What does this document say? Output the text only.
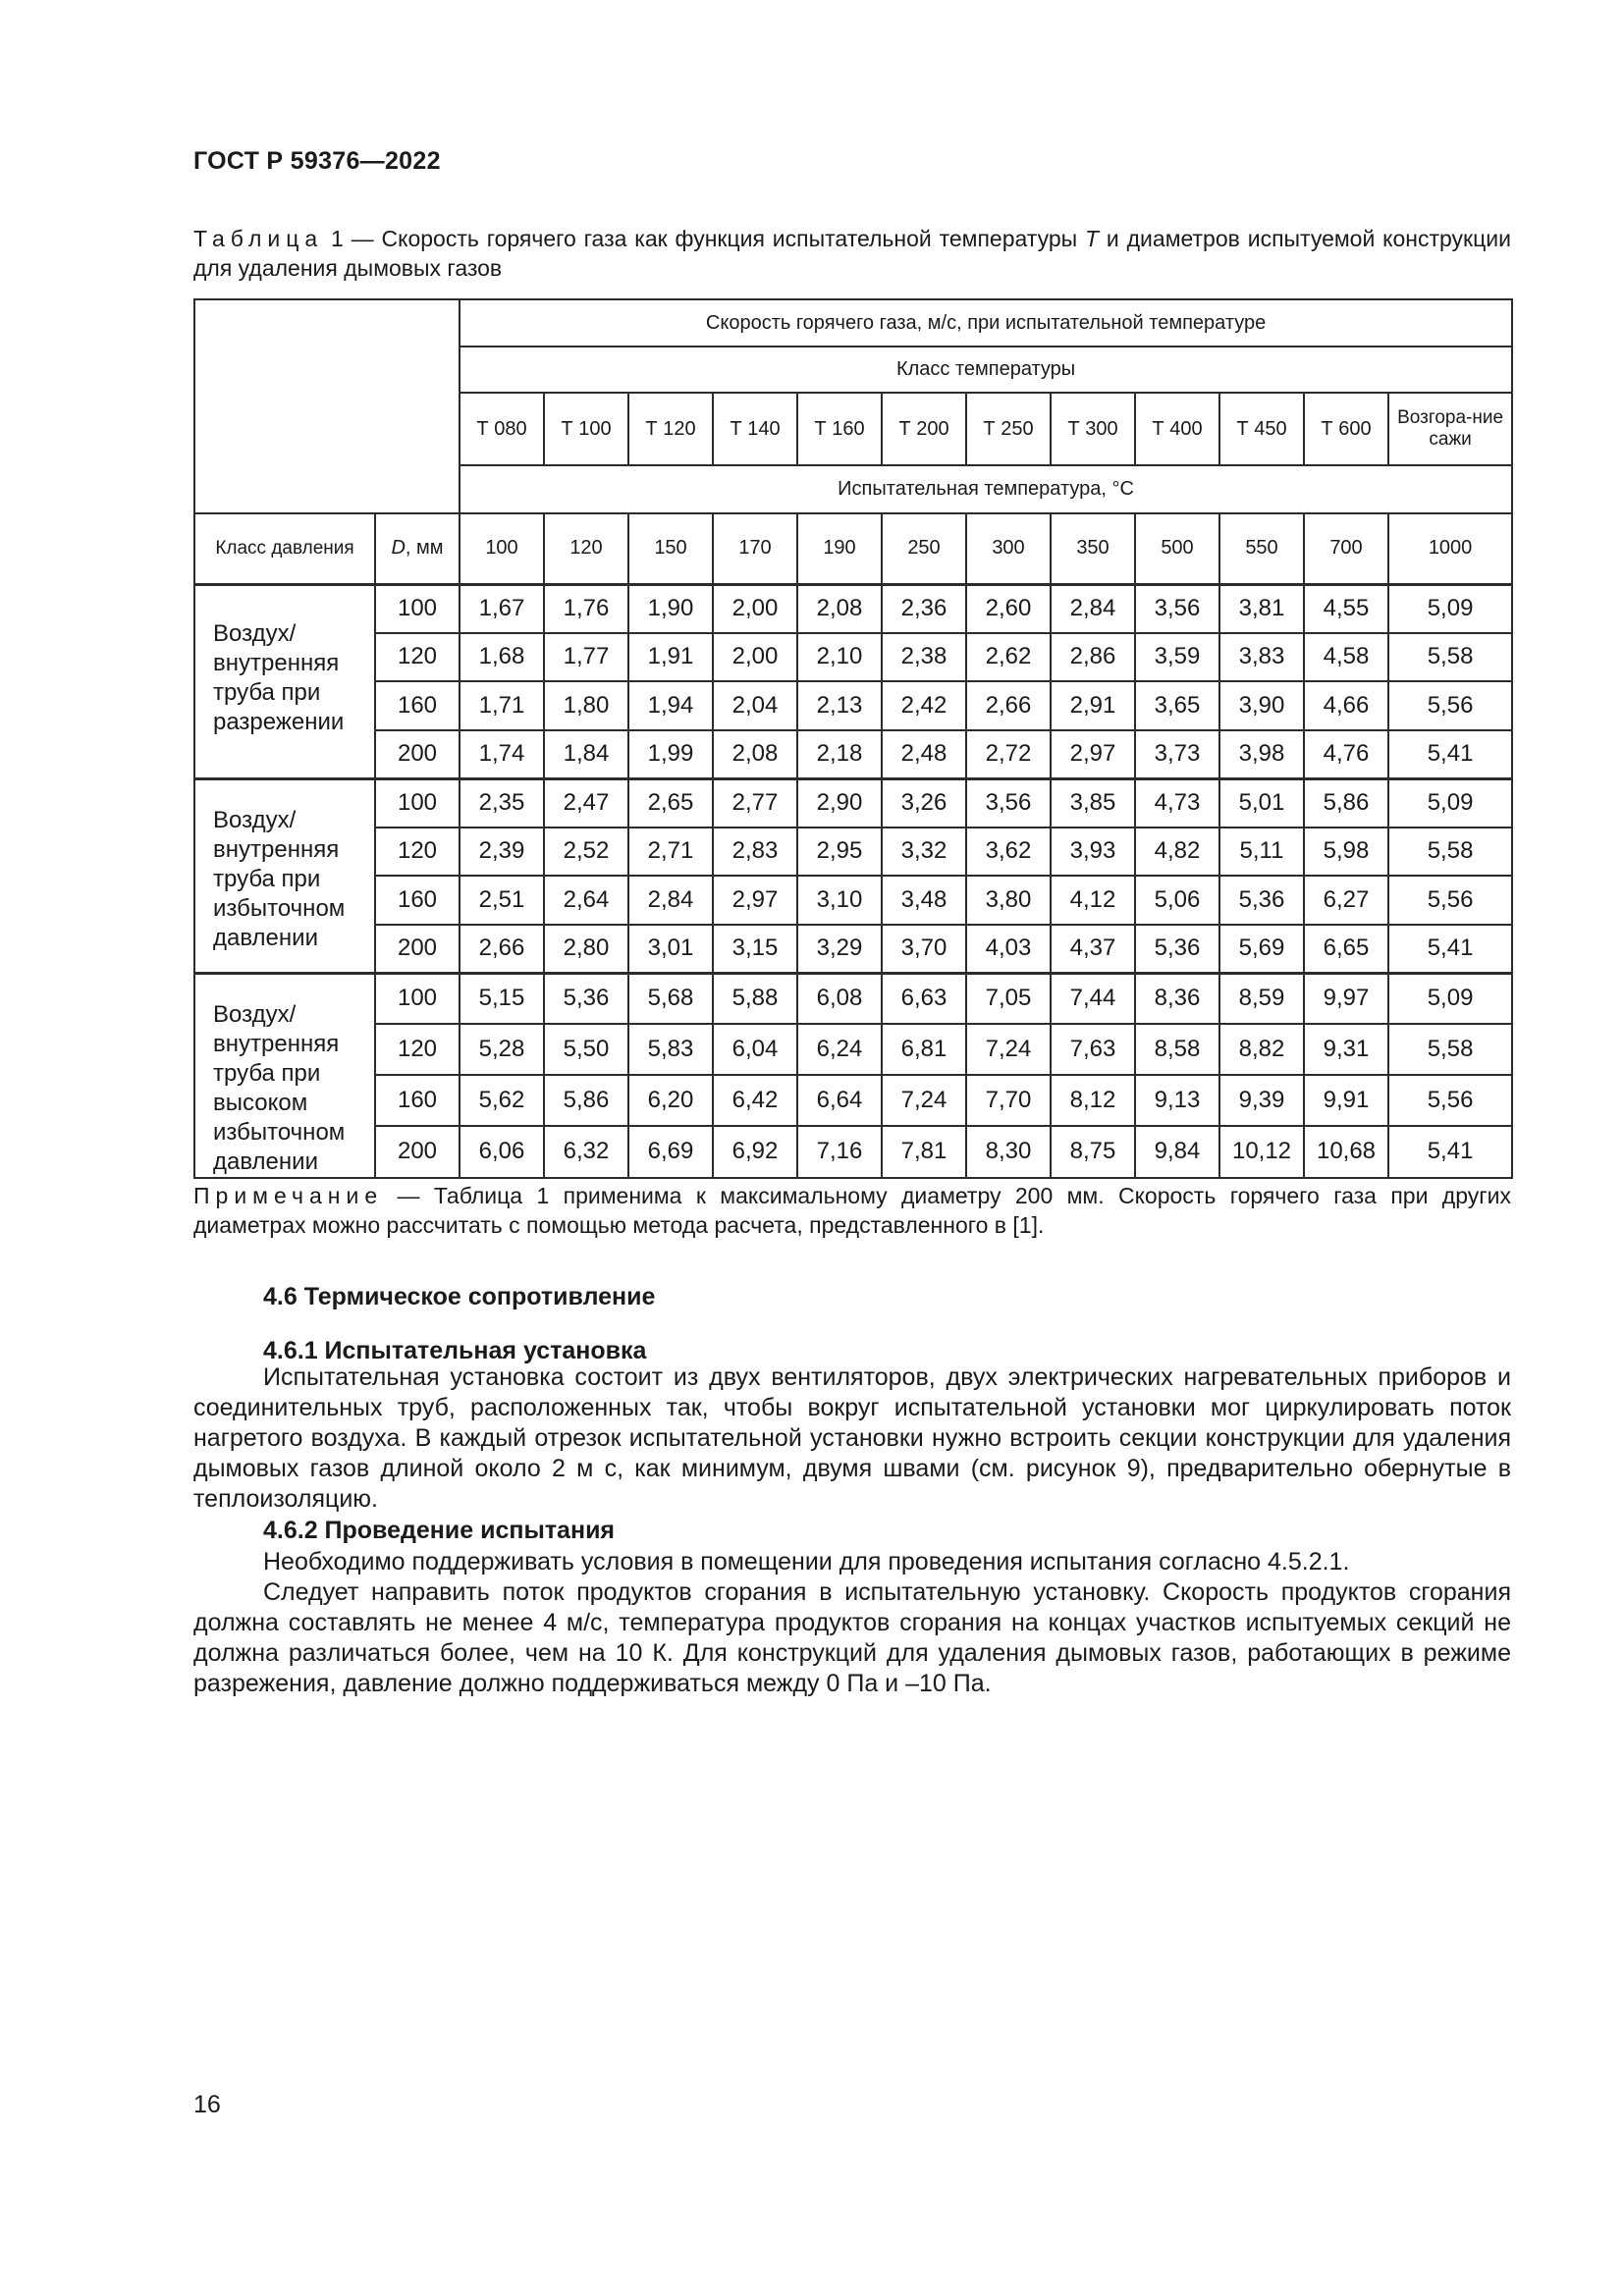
ГОСТ Р 59376—2022
Таблица 1 — Скорость горячего газа как функция испытательной температуры T и диаметров испытуемой конструкции для удаления дымовых газов
		Скорость горячего газа, м/с, при испытательной температуре											
		Класс температуры											
		Т 080	Т 100	Т 120	Т 140	Т 160	Т 200	Т 250	Т 300	Т 400	Т 450	Т 600	Возгора-ние сажи
		Испытательная температура, °С											
Класс давления	D, мм	100	120	150	170	190	250	300	350	500	550	700	1000
Воздух/ внутренняя труба при разрежении	100	1,67	1,76	1,90	2,00	2,08	2,36	2,60	2,84	3,56	3,81	4,55	5,09
	120	1,68	1,77	1,91	2,00	2,10	2,38	2,62	2,86	3,59	3,83	4,58	5,58
	160	1,71	1,80	1,94	2,04	2,13	2,42	2,66	2,91	3,65	3,90	4,66	5,56
	200	1,74	1,84	1,99	2,08	2,18	2,48	2,72	2,97	3,73	3,98	4,76	5,41
Воздух/ внутренняя труба при избыточном давлении	100	2,35	2,47	2,65	2,77	2,90	3,26	3,56	3,85	4,73	5,01	5,86	5,09
	120	2,39	2,52	2,71	2,83	2,95	3,32	3,62	3,93	4,82	5,11	5,98	5,58
	160	2,51	2,64	2,84	2,97	3,10	3,48	3,80	4,12	5,06	5,36	6,27	5,56
	200	2,66	2,80	3,01	3,15	3,29	3,70	4,03	4,37	5,36	5,69	6,65	5,41
Воздух/ внутренняя труба при высоком избыточном давлении	100	5,15	5,36	5,68	5,88	6,08	6,63	7,05	7,44	8,36	8,59	9,97	5,09
	120	5,28	5,50	5,83	6,04	6,24	6,81	7,24	7,63	8,58	8,82	9,31	5,58
	160	5,62	5,86	6,20	6,42	6,64	7,24	7,70	8,12	9,13	9,39	9,91	5,56
	200	6,06	6,32	6,69	6,92	7,16	7,81	8,30	8,75	9,84	10,12	10,68	5,41
Примечание — Таблица 1 применима к максимальному диаметру 200 мм. Скорость горячего газа при других диаметрах можно рассчитать с помощью метода расчета, представленного в [1].
4.6 Термическое сопротивление
4.6.1 Испытательная установка
Испытательная установка состоит из двух вентиляторов, двух электрических нагревательных приборов и соединительных труб, расположенных так, чтобы вокруг испытательной установки мог циркулировать поток нагретого воздуха. В каждый отрезок испытательной установки нужно встроить секции конструкции для удаления дымовых газов длиной около 2 м с, как минимум, двумя швами (см. рисунок 9), предварительно обернутые в теплоизоляцию.
4.6.2 Проведение испытания
Необходимо поддерживать условия в помещении для проведения испытания согласно 4.5.2.1.
Следует направить поток продуктов сгорания в испытательную установку. Скорость продуктов сгорания должна составлять не менее 4 м/с, температура продуктов сгорания на концах участков испытуемых секций не должна различаться более, чем на 10 К. Для конструкций для удаления дымовых газов, работающих в режиме разрежения, давление должно поддерживаться между 0 Па и –10 Па.
16
